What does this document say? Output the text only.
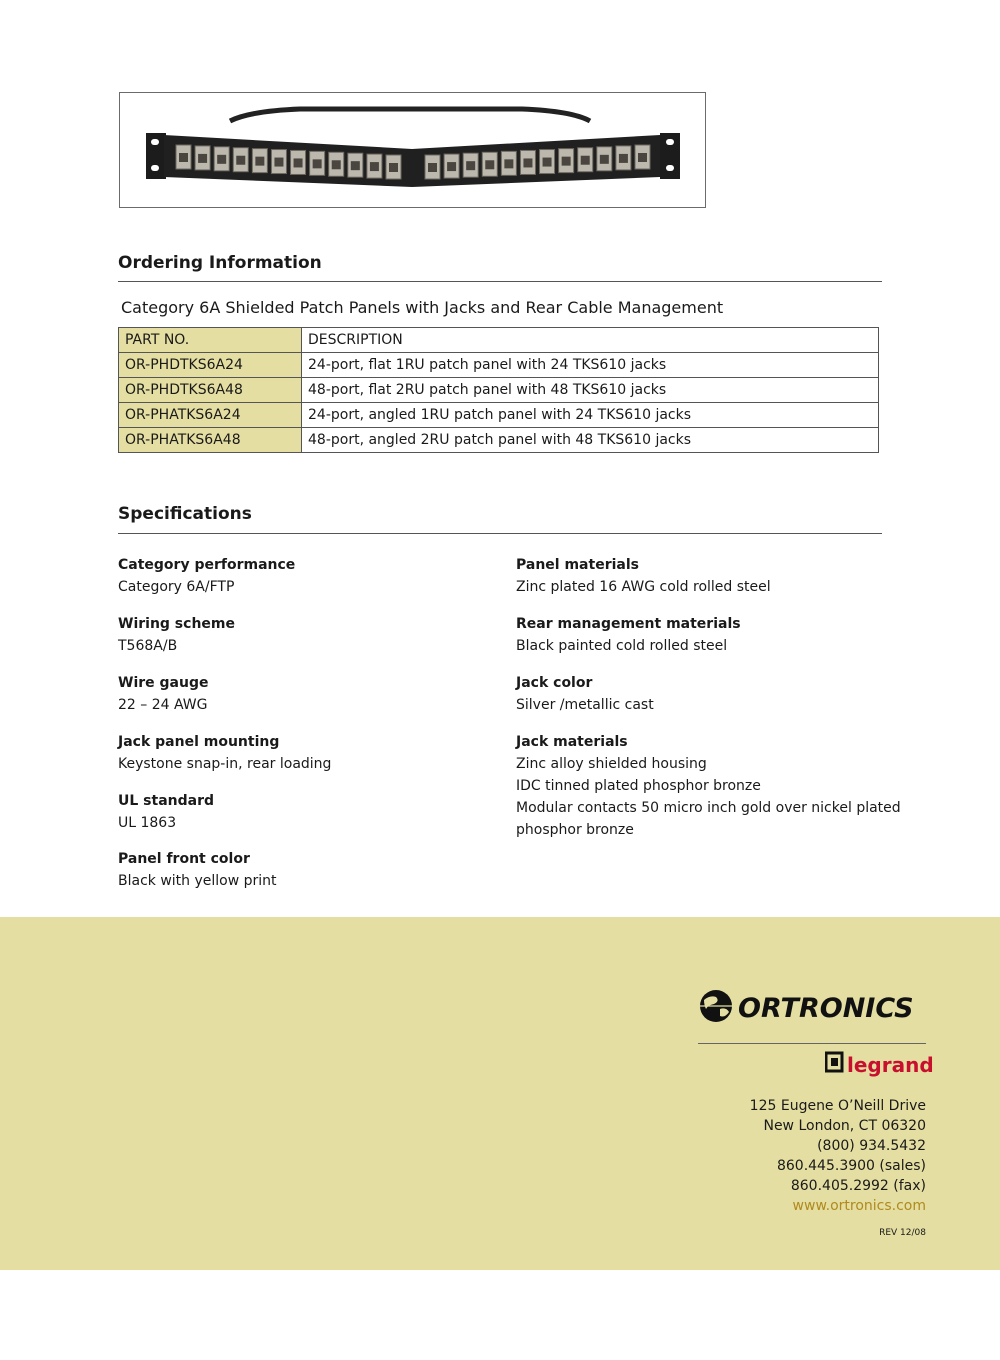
Ordering Information
Category 6A Shielded Patch Panels with Jacks and Rear Cable Management
PART NO.	DESCRIPTION
OR-PHDTKS6A24	24-port, flat 1RU patch panel with 24 TKS610 jacks
OR-PHDTKS6A48	48-port, flat 2RU patch panel with 48 TKS610 jacks
OR-PHATKS6A24	24-port, angled 1RU patch panel with 24 TKS610 jacks
OR-PHATKS6A48	48-port, angled 2RU patch panel with 48 TKS610 jacks
Specifications
Category performance
Category 6A/FTP
Wiring scheme
T568A/B
Wire gauge
22 – 24 AWG
Jack panel mounting
Keystone snap-in, rear loading
UL standard
UL 1863
Panel front color
Black with yellow print
Panel materials
Zinc plated 16 AWG cold rolled steel
Rear management materials
Black painted cold rolled steel
Jack color
Silver /metallic cast
Jack materials
Zinc alloy shielded housing
IDC tinned plated phosphor bronze
Modular contacts 50 micro inch gold over nickel plated
phosphor bronze
ORTRONICS
legrand
125 Eugene O’Neill Drive
New London, CT 06320
(800) 934.5432
860.445.3900 (sales)
860.405.2992 (fax)
www.ortronics.com
REV 12/08
